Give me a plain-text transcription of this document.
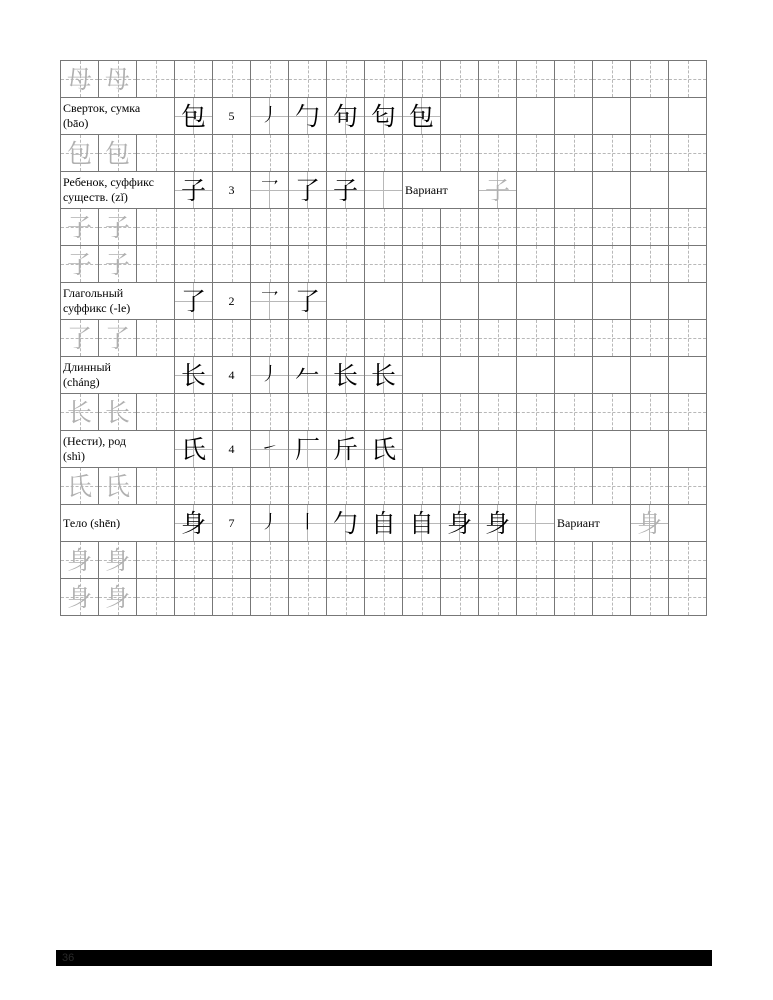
母	母															

Сверток, сумка
(bāo)			包	5	丿	勹	句	匂	包							

包	包															

Ребенок, суффикс
существ. (zǐ)			子	3	乛	了	子		Вариант		子					

子	子															

子	子															

Глагольный
суффикс (-le)			了	2	乛	了										

了	了															

Длинный
(cháng)			长	4	丿	𠂉	长	长								

长	长															

(Нести), род
(shì)			氏	4	㇀	厂	斤	氏								

氏	氏															

Тело (shēn)			身	7	丿	丨	勹	自	自	身	身		Вариант		身	

身	身															

身	身															

36
